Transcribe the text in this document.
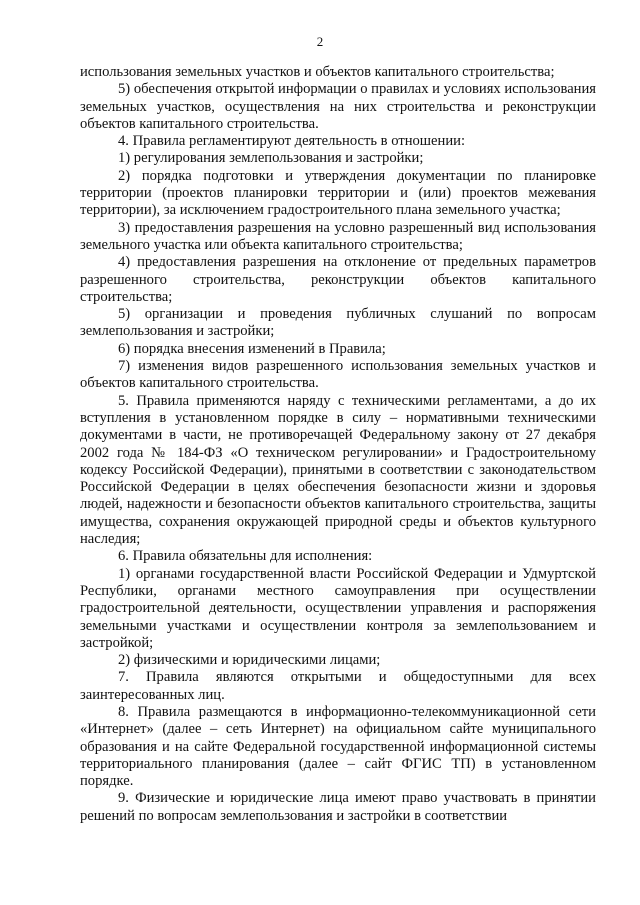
2

использования земельных участков и объектов капитального строительства;

5) обеспечения открытой информации о правилах и условиях использования земельных участков, осуществления на них строительства и реконструкции объектов капитального строительства.

4. Правила регламентируют деятельность в отношении:

1) регулирования землепользования и застройки;

2) порядка подготовки и утверждения документации по планировке территории (проектов планировки территории и (или) проектов межевания территории), за исключением градостроительного плана земельного участка;

3) предоставления разрешения на условно разрешенный вид использования земельного участка или объекта капитального строительства;

4) предоставления разрешения на отклонение от предельных параметров разрешенного строительства, реконструкции объектов капитального строительства;

5) организации и проведения публичных слушаний по вопросам землепользования и застройки;

6) порядка внесения изменений в Правила;

7) изменения видов разрешенного использования земельных участков и объектов капитального строительства.

5. Правила применяются наряду с техническими регламентами, а до их вступления в установленном порядке в силу – нормативными техническими документами в части, не противоречащей Федеральному закону от 27 декабря 2002 года № 184-ФЗ «О техническом регулировании» и Градостроительному кодексу Российской Федерации), принятыми в соответствии с законодательством Российской Федерации в целях обеспечения безопасности жизни и здоровья людей, надежности и безопасности объектов капитального строительства, защиты имущества, сохранения окружающей природной среды и объектов культурного наследия;

6. Правила обязательны для исполнения:

1) органами государственной власти Российской Федерации и Удмуртской Республики, органами местного самоуправления при осуществлении градостроительной деятельности, осуществлении управления и распоряжения земельными участками и осуществлении контроля за землепользованием и застройкой;

2) физическими и юридическими лицами;

7. Правила являются открытыми и общедоступными для всех заинтересованных лиц.

8. Правила размещаются в информационно-телекоммуникационной сети «Интернет» (далее – сеть Интернет) на официальном сайте муниципального образования и на сайте Федеральной государственной информационной системы территориального планирования (далее – сайт ФГИС ТП) в установленном порядке.

9. Физические и юридические лица имеют право участвовать в принятии решений по вопросам землепользования и застройки в соответствии
